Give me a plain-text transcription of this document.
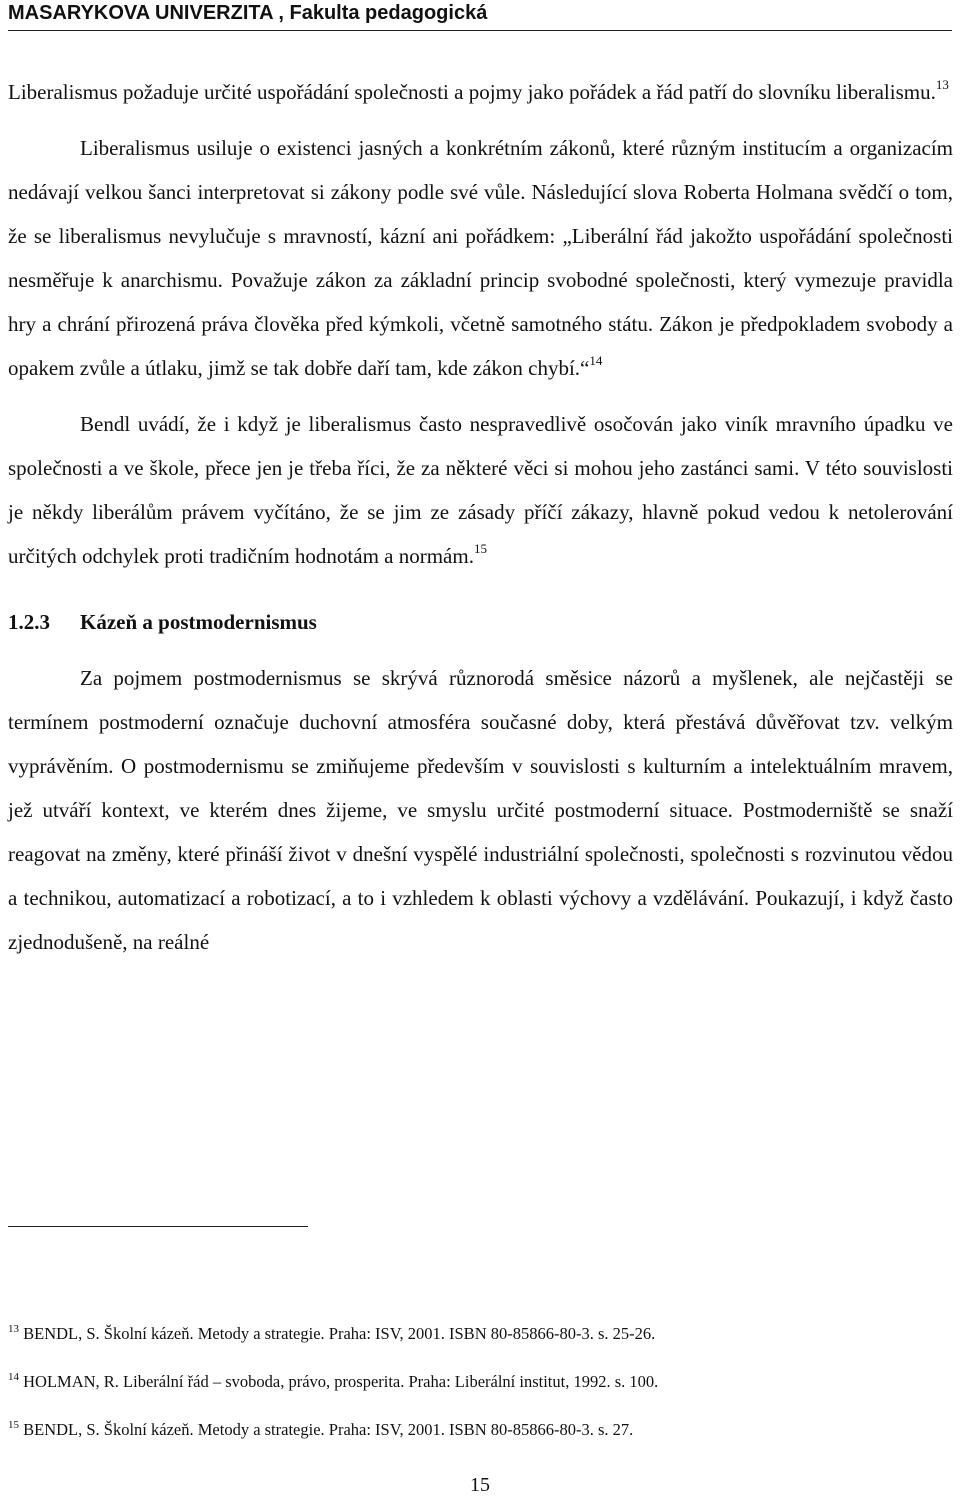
MASARYKOVA UNIVERZITA , Fakulta pedagogická

Liberalismus požaduje určité uspořádání společnosti a pojmy jako pořádek a řád patří do slovníku liberalismu.$^{13}$

Liberalismus usiluje o existenci jasných a konkrétním zákonů, které různým institucím a organizacím nedávají velkou šanci interpretovat si zákony podle své vůle. Následující slova Roberta Holmana svědčí o tom, že se liberalismus nevylučuje s mravností, kázní ani pořádkem: „Liberální řád jakožto uspořádání společnosti nesměřuje k anarchismu. Považuje zákon za základní princip svobodné společnosti, který vymezuje pravidla hry a chrání přirozená práva člověka před kýmkoli, včetně samotného státu. Zákon je předpokladem svobody a opakem zvůle a útlaku, jimž se tak dobře daří tam, kde zákon chybí.“$^{14}$

Bendl uvádí, že i když je liberalismus často nespravedlivě osočován jako viník mravního úpadku ve společnosti a ve škole, přece jen je třeba říci, že za některé věci si mohou jeho zastánci sami. V této souvislosti je někdy liberálům právem vyčítáno, že se jim ze zásady příčí zákazy, hlavně pokud vedou k netolerování určitých odchylek proti tradičním hodnotám a normám.$^{15}$

1.2.3 Kázeň a postmodernismus

Za pojmem postmodernismus se skrývá různorodá směsice názorů a myšlenek, ale nejčastěji se termínem postmoderní označuje duchovní atmosféra současné doby, která přestává důvěřovat tzv. velkým vyprávěním. O postmodernismu se zmiňujeme především v souvislosti s kulturním a intelektuálním mravem, jež utváří kontext, ve kterém dnes žijeme, ve smyslu určité postmoderní situace. Postmoderniště se snaží reagovat na změny, které přináší život v dnešní vyspělé industriální společnosti, společnosti s rozvinutou vědou a technikou, automatizací a robotizací, a to i vzhledem k oblasti výchovy a vzdělávání. Poukazují, i když často zjednodušeně, na reálné

$^{13}$ BENDL, S. Školní kázeň. Metody a strategie. Praha: ISV, 2001. ISBN 80-85866-80-3. s. 25-26.
$^{14}$ HOLMAN, R. Liberální řád – svoboda, právo, prosperita. Praha: Liberální institut, 1992. s. 100.
$^{15}$ BENDL, S. Školní kázeň. Metody a strategie. Praha: ISV, 2001. ISBN 80-85866-80-3. s. 27.
15
